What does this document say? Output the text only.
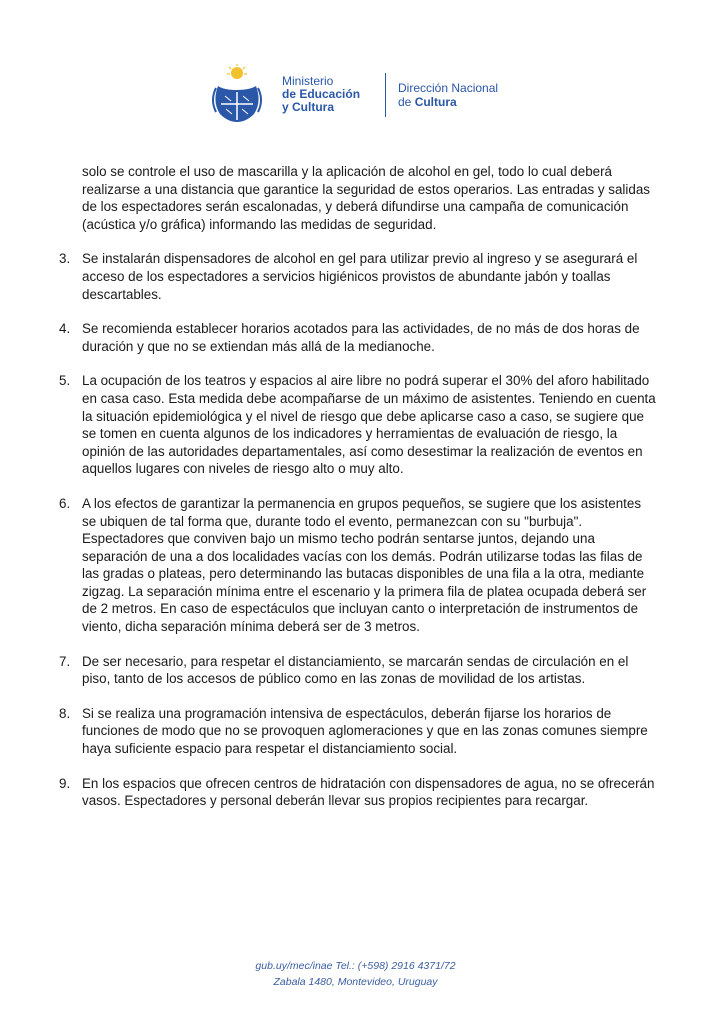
Ministerio
de Educación
y Cultura
Dirección Nacional
de Cultura

solo se controle el uso de mascarilla y la aplicación de alcohol en gel, todo lo cual deberá realizarse a una distancia que garantice la seguridad de estos operarios. Las entradas y salidas de los espectadores serán escalonadas, y deberá difundirse una campaña de comunicación (acústica y/o gráfica) informando las medidas de seguridad.

3. Se instalarán dispensadores de alcohol en gel para utilizar previo al ingreso y se asegurará el acceso de los espectadores a servicios higiénicos provistos de abundante jabón y toallas descartables.
4. Se recomienda establecer horarios acotados para las actividades, de no más de dos horas de duración y que no se extiendan más allá de la medianoche.
5. La ocupación de los teatros y espacios al aire libre no podrá superar el 30% del aforo habilitado en casa caso. Esta medida debe acompañarse de un máximo de asistentes. Teniendo en cuenta la situación epidemiológica y el nivel de riesgo que debe aplicarse caso a caso, se sugiere que se tomen en cuenta algunos de los indicadores y herramientas de evaluación de riesgo, la opinión de las autoridades departamentales, así como desestimar la realización de eventos en aquellos lugares con niveles de riesgo alto o muy alto.
6. A los efectos de garantizar la permanencia en grupos pequeños, se sugiere que los asistentes se ubiquen de tal forma que, durante todo el evento, permanezcan con su "burbuja". Espectadores que conviven bajo un mismo techo podrán sentarse juntos, dejando una separación de una a dos localidades vacías con los demás. Podrán utilizarse todas las filas de las gradas o plateas, pero determinando las butacas disponibles de una fila a la otra, mediante zigzag. La separación mínima entre el escenario y la primera fila de platea ocupada deberá ser de 2 metros. En caso de espectáculos que incluyan canto o interpretación de instrumentos de viento, dicha separación mínima deberá ser de 3 metros.
7. De ser necesario, para respetar el distanciamiento, se marcarán sendas de circulación en el piso, tanto de los accesos de público como en las zonas de movilidad de los artistas.
8. Si se realiza una programación intensiva de espectáculos, deberán fijarse los horarios de funciones de modo que no se provoquen aglomeraciones y que en las zonas comunes siempre haya suficiente espacio para respetar el distanciamiento social.
9. En los espacios que ofrecen centros de hidratación con dispensadores de agua, no se ofrecerán vasos. Espectadores y personal deberán llevar sus propios recipientes para recargar.
gub.uy/mec/inae Tel.: (+598) 2916 4371/72
Zabala 1480, Montevideo, Uruguay
